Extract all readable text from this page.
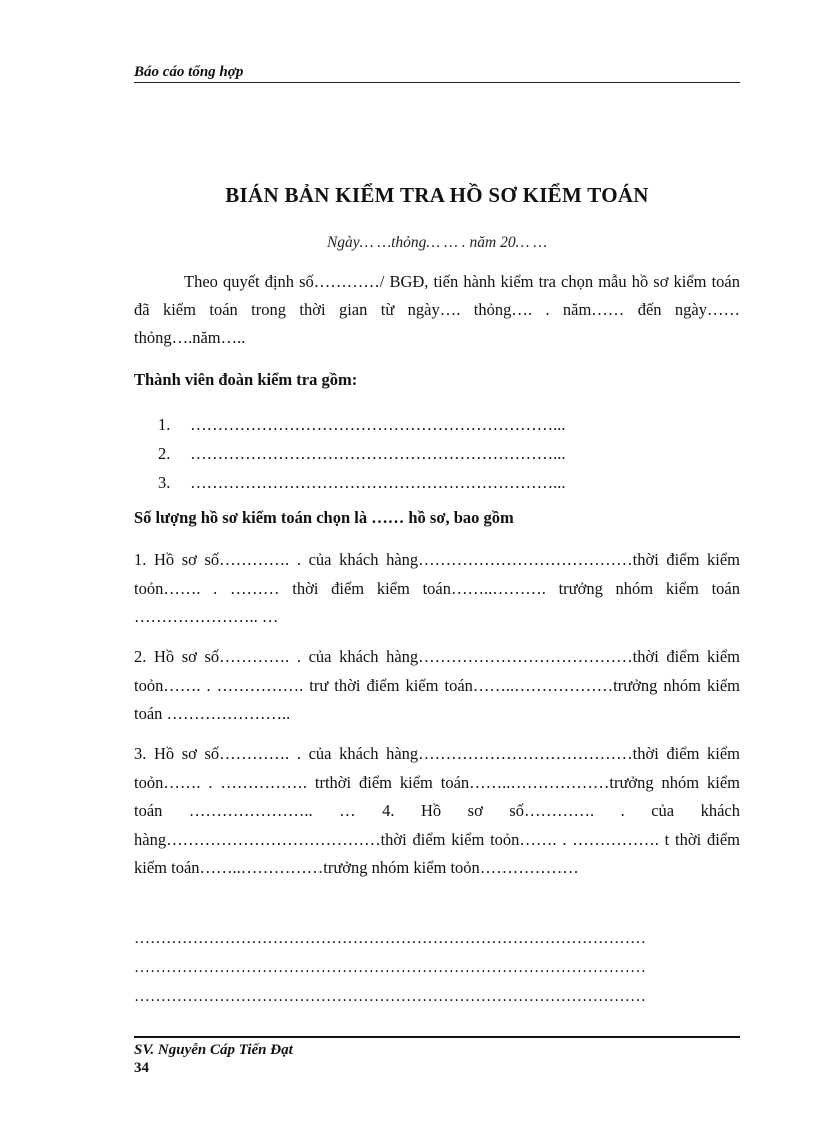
Báo cáo tổng hợp
BIÁN BẢN KIỂM TRA HỒ SƠ KIỂM TOÁN
Ngày… …thỏng… … . năm 20… …
Theo quyết định số…………/ BGĐ, tiến hành kiểm tra chọn mẫu hồ sơ kiểm toán đã kiểm toán trong thời gian từ ngày…. thỏng…. . năm…… đến ngày……thỏng….năm…..
Thành viên đoàn kiểm tra gồm:
1. …………………………………………………………...
2. …………………………………………………………...
3. …………………………………………………………...
Số lượng hồ sơ kiểm toán chọn là …… hồ sơ, bao gồm
1. Hồ sơ số…………. . của khách hàng…………………………………thời điểm kiểm toỏn……. . ……… thời điểm kiểm toán……..………. trưởng nhóm kiểm toán ………………….. …
2. Hồ sơ số…………. . của khách hàng…………………………………thời điểm kiểm toỏn……. . ……………. trư thời điểm kiểm toán……..………………trưởng nhóm kiểm toán …………………..
3. Hồ sơ số…………. . của khách hàng…………………………………thời điểm kiểm toỏn……. . ……………. trthời điểm kiểm toán……..………………trưởng nhóm kiểm toán ………………….. … 4. Hồ sơ số…………. . của khách hàng…………………………………thời điểm kiểm toỏn……. . ……………. t thời điểm kiểm toán……..……………trưởng nhóm kiểm toỏn………………
……………………………………………………………………………………
……………………………………………………………………………………
……………………………………………………………………………………
SV. Nguyễn Cáp Tiến Đạt
34
